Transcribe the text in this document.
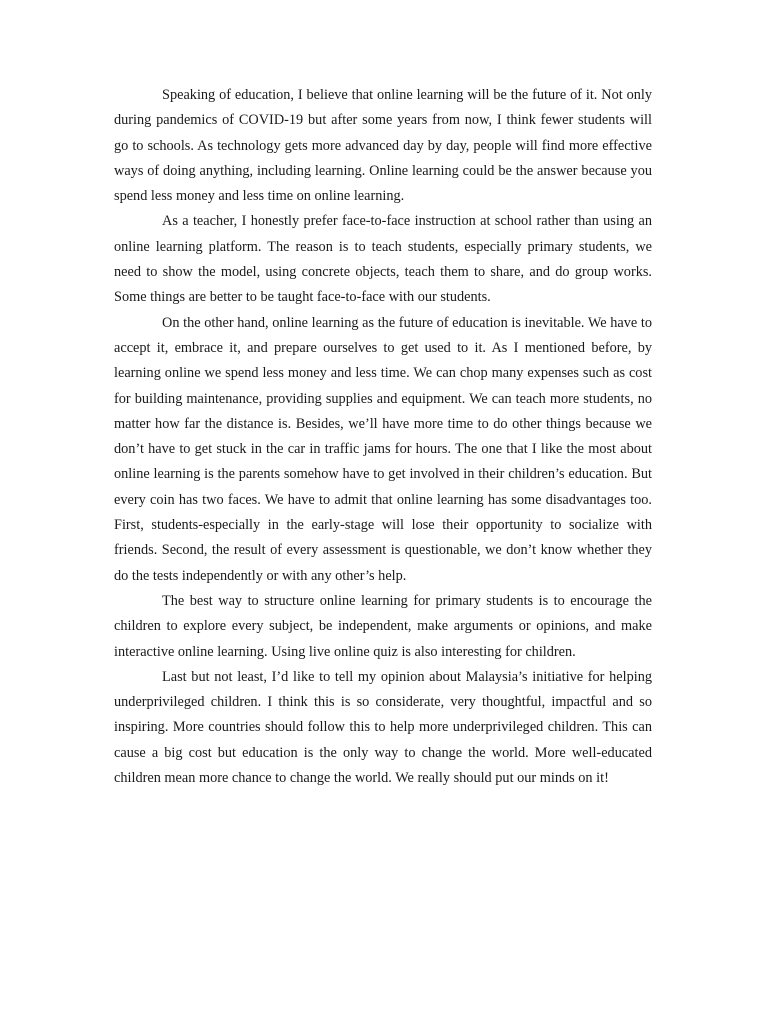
Speaking of education, I believe that online learning will be the future of it. Not only during pandemics of COVID-19 but after some years from now, I think fewer students will go to schools. As technology gets more advanced day by day, people will find more effective ways of doing anything, including learning. Online learning could be the answer because you spend less money and less time on online learning.

As a teacher, I honestly prefer face-to-face instruction at school rather than using an online learning platform. The reason is to teach students, especially primary students, we need to show the model, using concrete objects, teach them to share, and do group works. Some things are better to be taught face-to-face with our students.

On the other hand, online learning as the future of education is inevitable. We have to accept it, embrace it, and prepare ourselves to get used to it. As I mentioned before, by learning online we spend less money and less time. We can chop many expenses such as cost for building maintenance, providing supplies and equipment. We can teach more students, no matter how far the distance is. Besides, we’ll have more time to do other things because we don’t have to get stuck in the car in traffic jams for hours. The one that I like the most about online learning is the parents somehow have to get involved in their children’s education. But every coin has two faces. We have to admit that online learning has some disadvantages too. First, students-especially in the early-stage will lose their opportunity to socialize with friends. Second, the result of every assessment is questionable, we don’t know whether they do the tests independently or with any other’s help.

The best way to structure online learning for primary students is to encourage the children to explore every subject, be independent, make arguments or opinions, and make interactive online learning. Using live online quiz is also interesting for children.

Last but not least, I’d like to tell my opinion about Malaysia’s initiative for helping underprivileged children. I think this is so considerate, very thoughtful, impactful and so inspiring. More countries should follow this to help more underprivileged children. This can cause a big cost but education is the only way to change the world. More well-educated children mean more chance to change the world. We really should put our minds on it!
